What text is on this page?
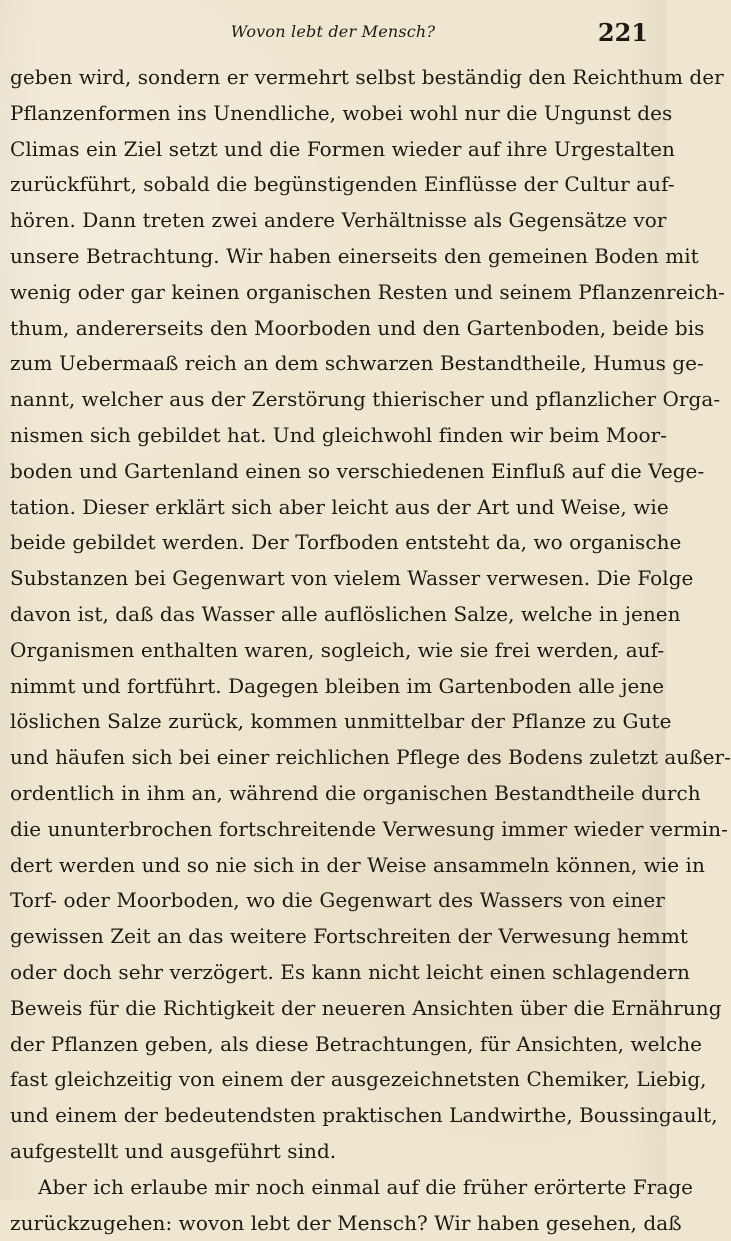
Wovon lebt der Mensch?	221
geben wird, sondern er vermehrt selbst beständig den Reichthum der
Pflanzenformen ins Unendliche, wobei wohl nur die Ungunst des
Climas ein Ziel setzt und die Formen wieder auf ihre Urgestalten
zurückführt, sobald die begünstigenden Einflüsse der Cultur auf-
hören. Dann treten zwei andere Verhältnisse als Gegensätze vor
unsere Betrachtung. Wir haben einerseits den gemeinen Boden mit
wenig oder gar keinen organischen Resten und seinem Pflanzenreich-
thum, andererseits den Moorboden und den Gartenboden, beide bis
zum Uebermaaß reich an dem schwarzen Bestandtheile, Humus ge-
nannt, welcher aus der Zerstörung thierischer und pflanzlicher Orga-
nismen sich gebildet hat. Und gleichwohl finden wir beim Moor-
boden und Gartenland einen so verschiedenen Einfluß auf die Vege-
tation. Dieser erklärt sich aber leicht aus der Art und Weise, wie
beide gebildet werden. Der Torfboden entsteht da, wo organische
Substanzen bei Gegenwart von vielem Wasser verwesen. Die Folge
davon ist, daß das Wasser alle auflöslichen Salze, welche in jenen
Organismen enthalten waren, sogleich, wie sie frei werden, auf-
nimmt und fortführt. Dagegen bleiben im Gartenboden alle jene
löslichen Salze zurück, kommen unmittelbar der Pflanze zu Gute
und häufen sich bei einer reichlichen Pflege des Bodens zuletzt außer-
ordentlich in ihm an, während die organischen Bestandtheile durch
die ununterbrochen fortschreitende Verwesung immer wieder vermin-
dert werden und so nie sich in der Weise ansammeln können, wie in
Torf- oder Moorboden, wo die Gegenwart des Wassers von einer
gewissen Zeit an das weitere Fortschreiten der Verwesung hemmt
oder doch sehr verzögert. Es kann nicht leicht einen schlagendern
Beweis für die Richtigkeit der neueren Ansichten über die Ernährung
der Pflanzen geben, als diese Betrachtungen, für Ansichten, welche
fast gleichzeitig von einem der ausgezeichnetsten Chemiker, Liebig,
und einem der bedeutendsten praktischen Landwirthe, Boussingault,
aufgestellt und ausgeführt sind.
Aber ich erlaube mir noch einmal auf die früher erörterte Frage
zurückzugehen: wovon lebt der Mensch? Wir haben gesehen, daß
